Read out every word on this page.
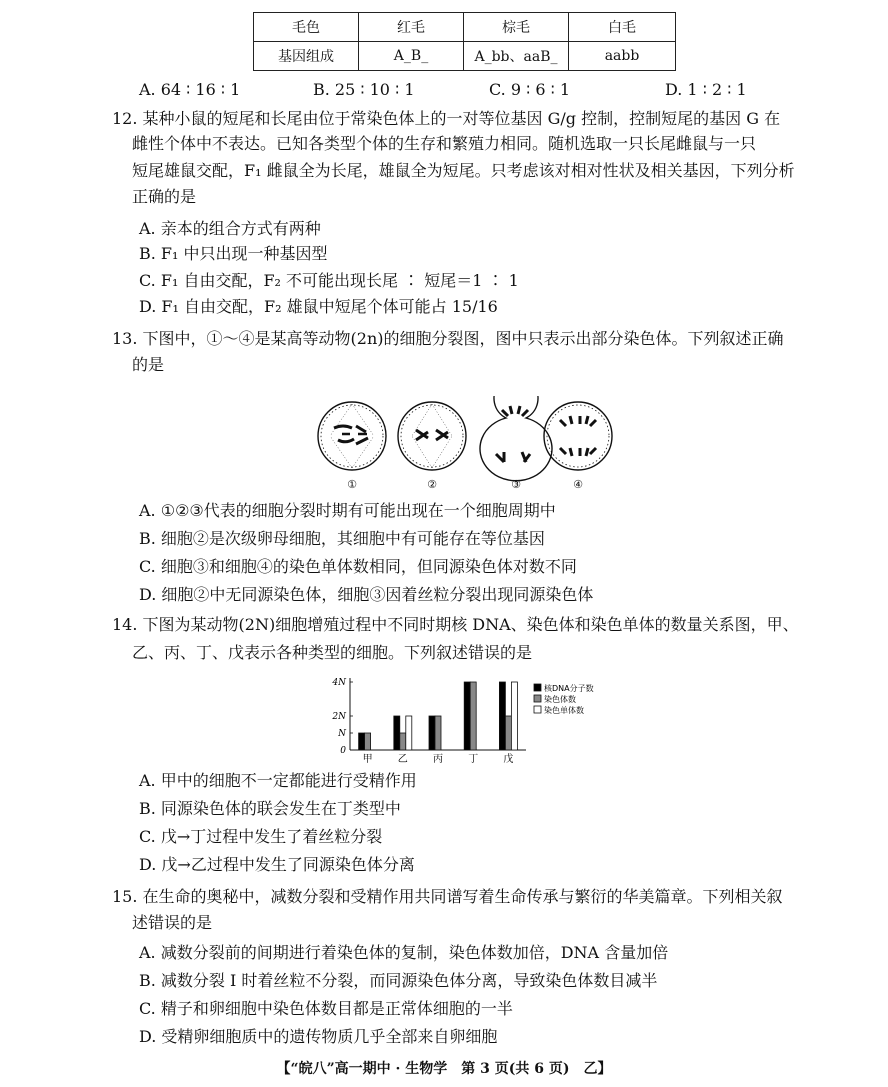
毛色	红毛	棕毛	白毛
基因组成	A_B_	A_bb、aaB_	aabb
A. 64 ∶ 16 ∶ 1	B. 25 ∶ 10 ∶ 1	C. 9 ∶ 6 ∶ 1	D. 1 ∶ 2 ∶ 1
12. 某种小鼠的短尾和长尾由位于常染色体上的一对等位基因 G/g 控制，控制短尾的基因 G 在
雌性个体中不表达。已知各类型个体的生存和繁殖力相同。随机选取一只长尾雌鼠与一只
短尾雄鼠交配，F₁ 雌鼠全为长尾，雄鼠全为短尾。只考虑该对相对性状及相关基因，下列分析
正确的是
A. 亲本的组合方式有两种
B. F₁ 中只出现一种基因型
C. F₁ 自由交配，F₂ 不可能出现长尾 ∶ 短尾＝1 ∶ 1
D. F₁ 自由交配，F₂ 雄鼠中短尾个体可能占 15/16
13. 下图中，①～④是某高等动物(2n)的细胞分裂图，图中只表示出部分染色体。下列叙述正确
的是
①	②	③	④
A. ①②③代表的细胞分裂时期有可能出现在一个细胞周期中
B. 细胞②是次级卵母细胞，其细胞中有可能存在等位基因
C. 细胞③和细胞④的染色单体数相同，但同源染色体对数不同
D. 细胞②中无同源染色体，细胞③因着丝粒分裂出现同源染色体
14. 下图为某动物(2N)细胞增殖过程中不同时期核 DNA、染色体和染色单体的数量关系图，甲、
乙、丙、丁、戊表示各种类型的细胞。下列叙述错误的是
0
N
2N
4N
甲	乙	丙	丁	戊
核DNA分子数
染色体数
染色单体数
A. 甲中的细胞不一定都能进行受精作用
B. 同源染色体的联会发生在丁类型中
C. 戊→丁过程中发生了着丝粒分裂
D. 戊→乙过程中发生了同源染色体分离
15. 在生命的奥秘中，减数分裂和受精作用共同谱写着生命传承与繁衍的华美篇章。下列相关叙
述错误的是
A. 减数分裂前的间期进行着染色体的复制，染色体数加倍，DNA 含量加倍
B. 减数分裂 Ⅰ 时着丝粒不分裂，而同源染色体分离，导致染色体数目减半
C. 精子和卵细胞中染色体数目都是正常体细胞的一半
D. 受精卵细胞质中的遗传物质几乎全部来自卵细胞
【“皖八”高一期中 · 生物学　第 3 页(共 6 页)　乙】
